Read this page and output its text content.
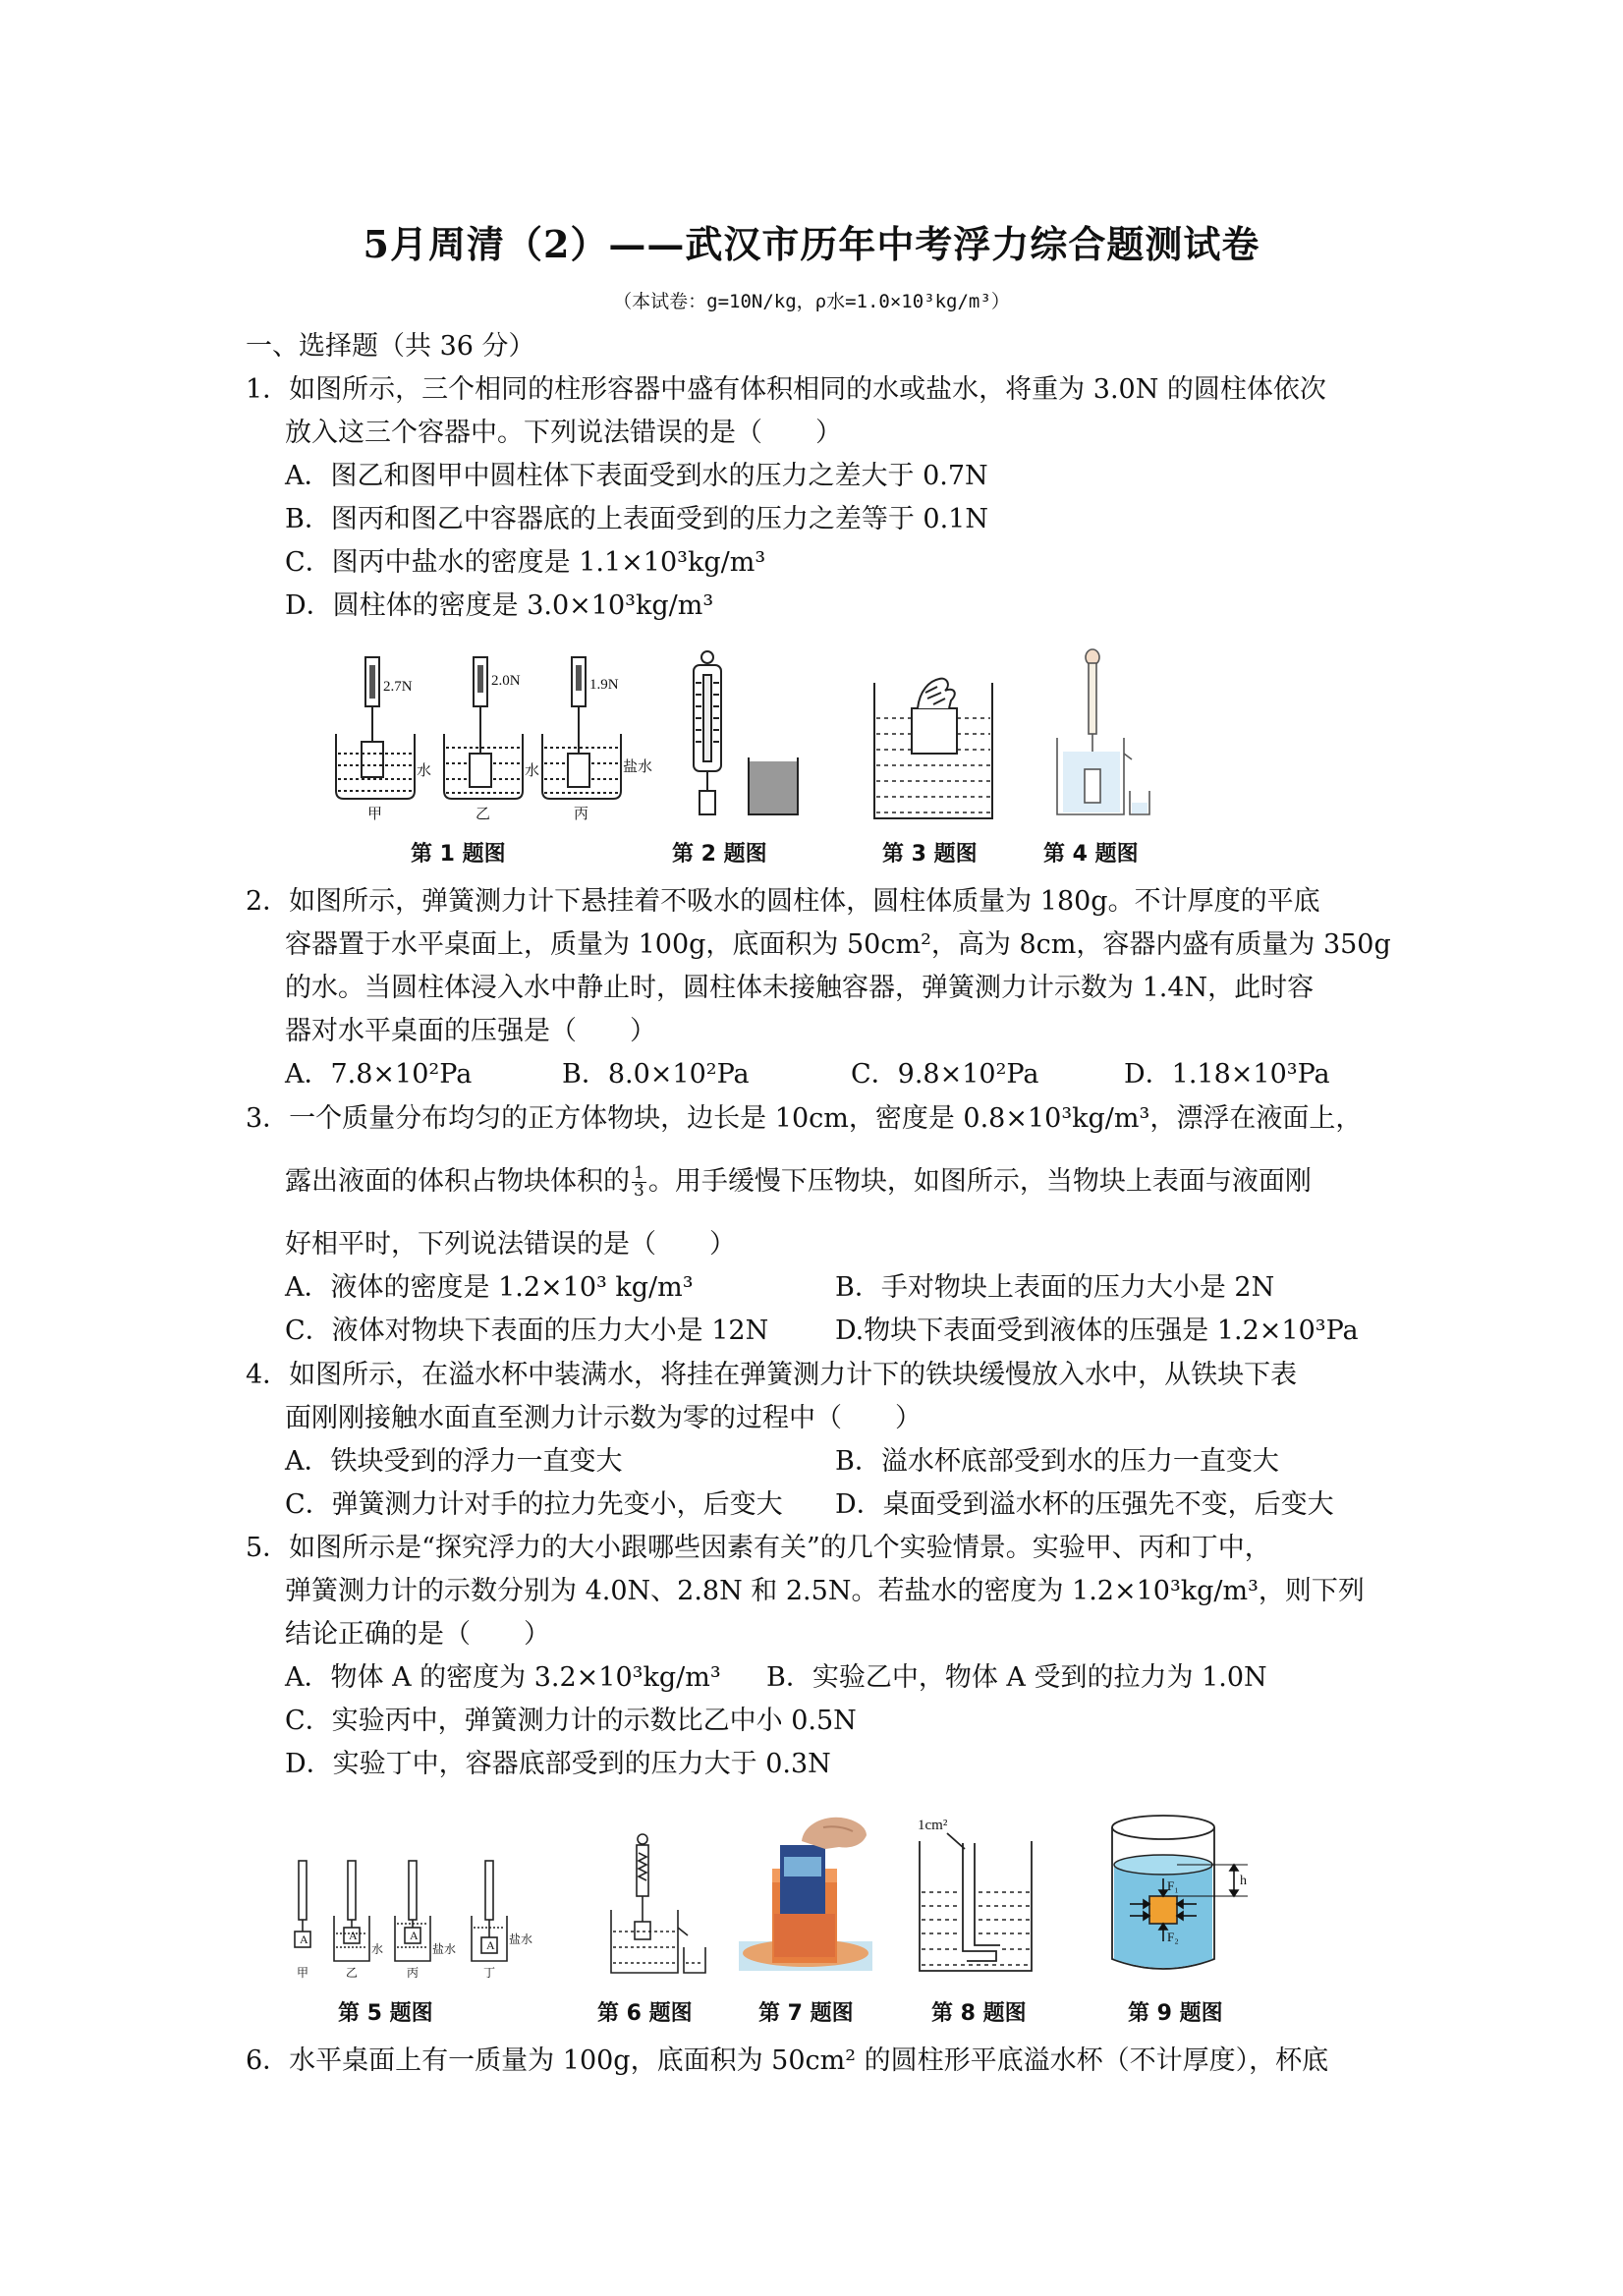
5月周清（2）——武汉市历年中考浮力综合题测试卷
（本试卷：g=10N/kg，ρ水=1.0×10³kg/m³）
一、选择题（共 36 分）
1．如图所示，三个相同的柱形容器中盛有体积相同的水或盐水，将重为 3.0N 的圆柱体依次
放入这三个容器中。下列说法错误的是（　　）
A．图乙和图甲中圆柱体下表面受到水的压力之差大于 0.7N
B．图丙和图乙中容器底的上表面受到的压力之差等于 0.1N
C．图丙中盐水的密度是 1.1×10³kg/m³
D．圆柱体的密度是 3.0×10³kg/m³
2.7N	2.0N	1.9N
水	水	盐水
甲	乙	丙
第 1 题图	第 2 题图	第 3 题图	第 4 题图
2．如图所示，弹簧测力计下悬挂着不吸水的圆柱体，圆柱体质量为 180g。不计厚度的平底
容器置于水平桌面上，质量为 100g，底面积为 50cm²，高为 8cm，容器内盛有质量为 350g
的水。当圆柱体浸入水中静止时，圆柱体未接触容器，弹簧测力计示数为 1.4N，此时容
器对水平桌面的压强是（　　）
A．7.8×10²Pa	B．8.0×10²Pa	C．9.8×10²Pa	D．1.18×10³Pa
3．一个质量分布均匀的正方体物块，边长是 10cm，密度是 0.8×10³kg/m³，漂浮在液面上，
露出液面的体积占物块体积的 $\frac{1}{3}$ 。用手缓慢下压物块，如图所示，当物块上表面与液面刚
好相平时，下列说法错误的是（　　）
A．液体的密度是 1.2×10³ kg/m³	B．手对物块上表面的压力大小是 2N
C．液体对物块下表面的压力大小是 12N	D.物块下表面受到液体的压强是 1.2×10³Pa
4．如图所示，在溢水杯中装满水，将挂在弹簧测力计下的铁块缓慢放入水中，从铁块下表
面刚刚接触水面直至测力计示数为零的过程中（　　）
A．铁块受到的浮力一直变大	B．溢水杯底部受到水的压力一直变大
C．弹簧测力计对手的拉力先变小，后变大 D．桌面受到溢水杯的压强先不变，后变大
5．如图所示是“探究浮力的大小跟哪些因素有关”的几个实验情景。实验甲、丙和丁中，
弹簧测力计的示数分别为 4.0N、2.8N 和 2.5N。若盐水的密度为 1.2×10³kg/m³，则下列
结论正确的是（　　）
A．物体 A 的密度为 3.2×10³kg/m³ B．实验乙中，物体 A 受到的拉力为 1.0N
C．实验丙中，弹簧测力计的示数比乙中小 0.5N
D．实验丁中，容器底部受到的压力大于 0.3N
A	A	A
A
水	盐水
盐水
甲	乙	丙	丁
1cm²
h
F₁
F₂
第 5 题图	第 6 题图	第 7 题图	第 8 题图	第 9 题图
6．水平桌面上有一质量为 100g，底面积为 50cm² 的圆柱形平底溢水杯（不计厚度），杯底
